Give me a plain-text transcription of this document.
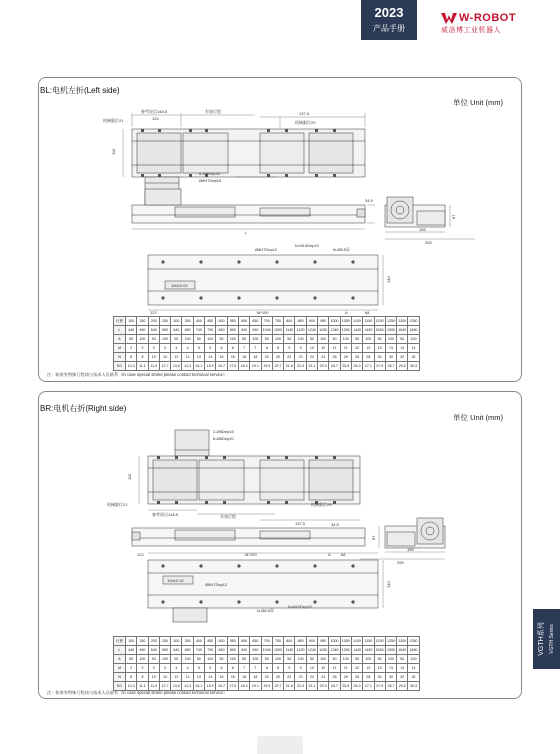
2023
产品手册
W-ROBOT
威洛博工业机器人
BL:电机左折(Left side)
单位 Unit (mm)
参考原点148.5	有效行程	137.5
124
机械限位21	机械限位29
116
8-M8Dep20
Ø8H7Dep15
L
34.5
155
255
87
Ø8H7Dep12
N-M10Dep10
N-Ø8.5穿
100±0.02
122	M*100	A	68
140
行程	100	150	200	250	300	350	400	450	500	550	600	650	700	750	800	850	900	950	1000	1050	1100	1150	1200	1250	1300	1350
L	440	490	540	590	640	690	740	790	840	890	940	990	1040	1090	1140	1190	1240	1290	1340	1390	1440	1490	1540	1590	1640	1690
A	50	100	50	100	50	100	50	100	50	100	50	100	50	100	50	100	50	100	50	100	50	100	50	100	50	100
M	2	2	3	3	4	4	5	5	6	6	7	7	8	8	9	9	10	10	11	11	12	12	13	13	14	14
N	8	8	10	10	12	12	14	14	16	16	18	18	20	20	22	22	24	24	26	26	28	28	30	30	32	32
KG	10.3	11.1	11.9	12.7	13.5	14.3	15.1	15.9	16.7	17.5	18.3	19.1	19.9	20.7	21.5	22.3	23.1	23.9	24.7	25.5	26.3	27.1	27.9	28.7	29.5	30.3
注：如果有特殊行程请与技术人员联系（In case special stroke please contact technical service）
BR:电机右折(Right side)
单位 Unit (mm)
2-Ø8Dep15
8-Ø8Dep20
116
机械限位21	机械限位29
参考原点148.5	有效行程
137.5	34.5
155
255
87
122	M*100	A	68
100±0.02
Ø8H7Dep12
N-Ø8.5穿
N-M10Dep20
140
行程	100	150	200	250	300	350	400	450	500	550	600	650	700	750	800	850	900	950	1000	1050	1100	1150	1200	1250	1300	1350
L	440	490	540	590	640	690	740	790	840	890	940	990	1040	1090	1140	1190	1240	1290	1340	1390	1440	1490	1540	1590	1640	1690
A	50	100	50	100	50	100	50	100	50	100	50	100	50	100	50	100	50	100	50	100	50	100	50	100	50	100
M	2	2	3	3	4	4	5	5	6	6	7	7	8	8	9	9	10	10	11	11	12	12	13	13	14	14
N	8	8	10	10	12	12	14	14	16	16	18	18	20	20	22	22	24	24	26	26	28	28	30	30	32	32
KG	10.3	11.1	11.9	12.7	13.5	14.3	15.1	15.9	16.7	17.5	18.3	19.1	19.9	20.7	21.5	22.3	23.1	23.9	24.7	25.5	26.3	27.1	27.9	28.7	29.5	30.3
注：如果有特殊行程请与技术人员联系（In case special stroke please contact technical service）
VGTH系列 VGTH Series
